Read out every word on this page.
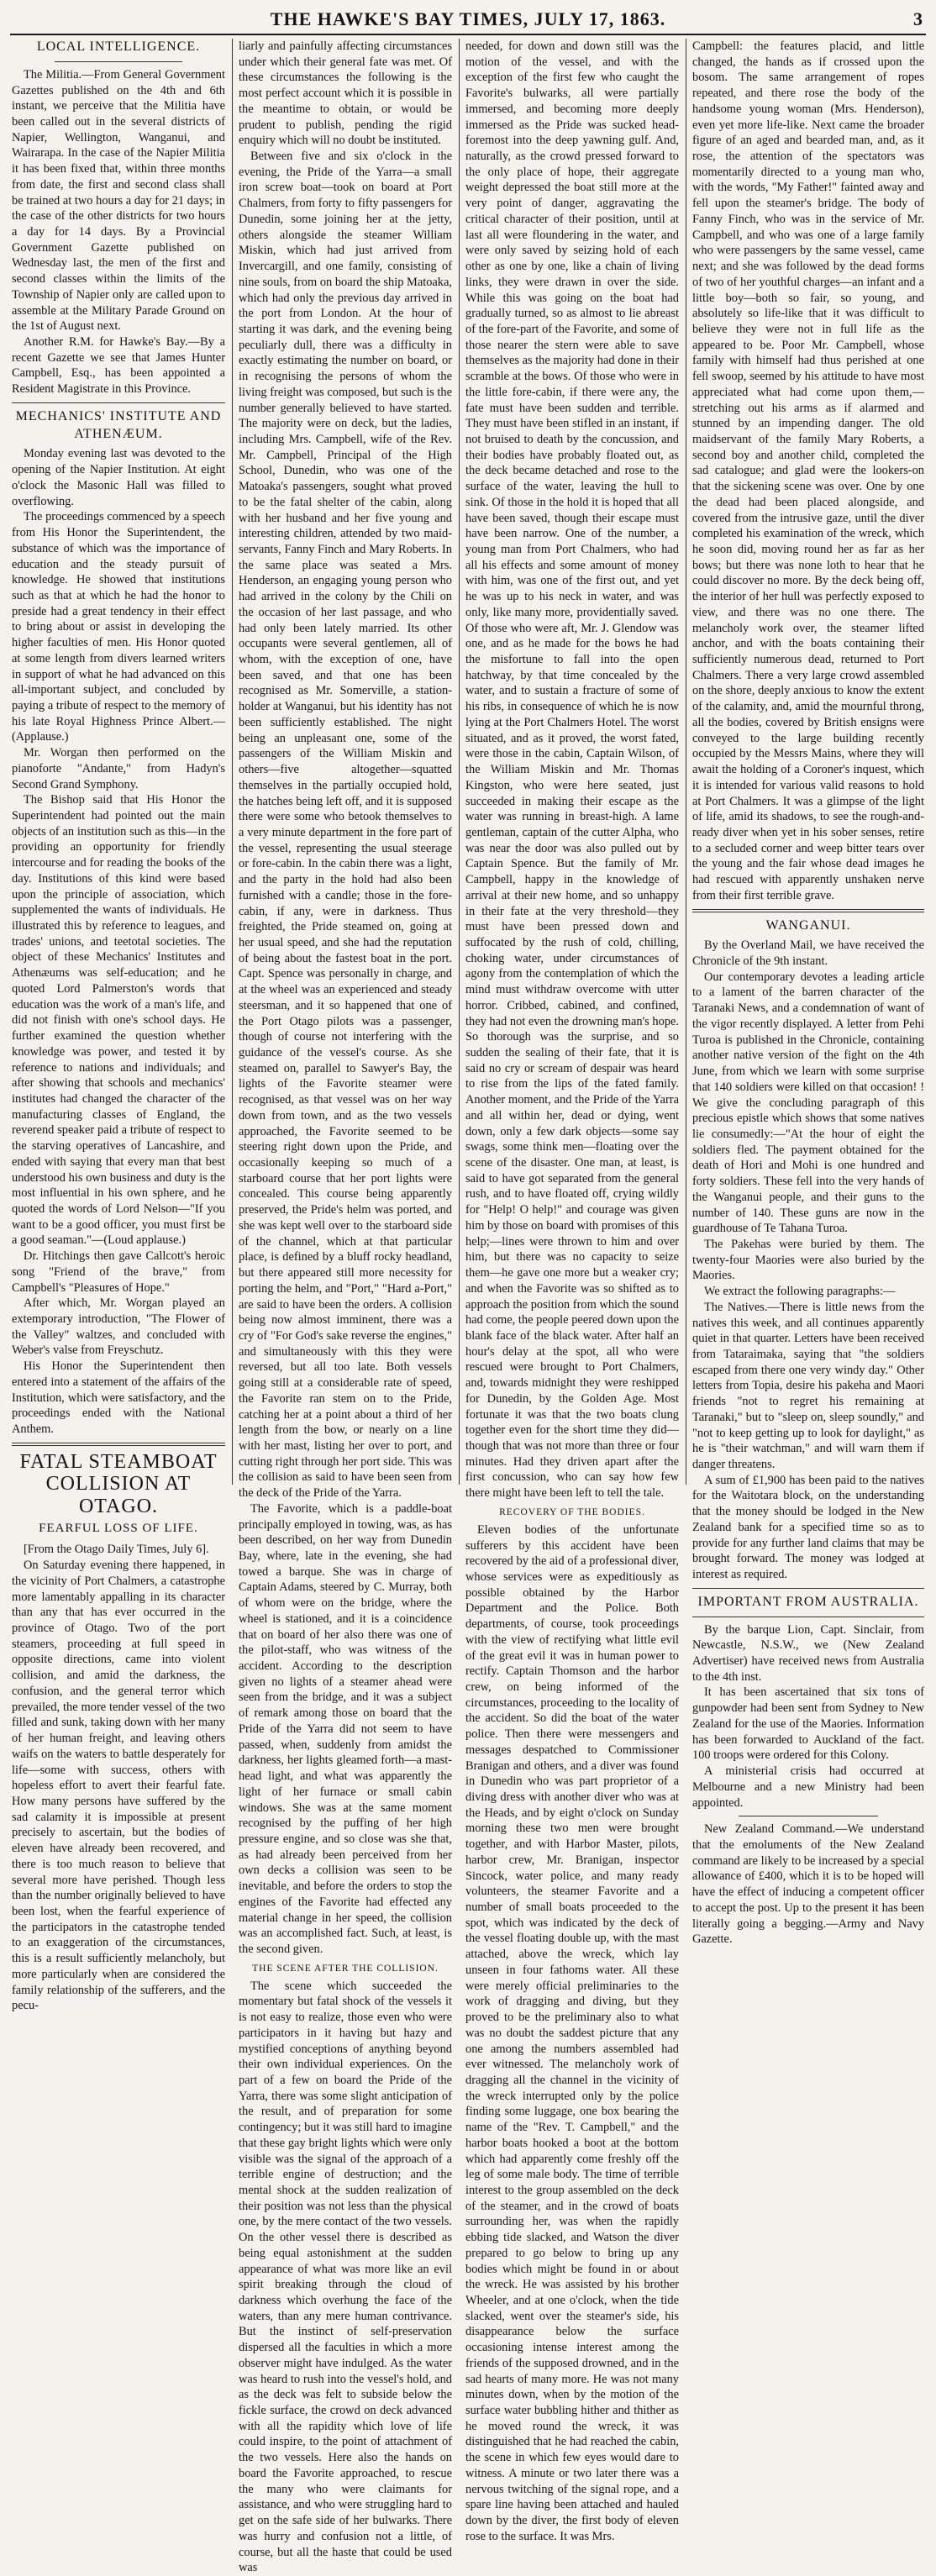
THE HAWKE'S BAY TIMES, JULY 17, 1863.	3
LOCAL INTELLIGENCE.

The Militia.—From General Government Gazettes published on the 4th and 6th instant, we perceive that the Militia have been called out in the several districts of Napier, Wellington, Wanganui, and Wairarapa. In the case of the Napier Militia it has been fixed that, within three months from date, the first and second class shall be trained at two hours a day for 21 days; in the case of the other districts for two hours a day for 14 days. By a Provincial Government Gazette published on Wednesday last, the men of the first and second classes within the limits of the Township of Napier only are called upon to assemble at the Military Parade Ground on the 1st of August next.

Another R.M. for Hawke's Bay.—By a recent Gazette we see that James Hunter Campbell, Esq., has been appointed a Resident Magistrate in this Province.

MECHANICS' INSTITUTE AND ATHENÆUM.

Monday evening last was devoted to the opening of the Napier Institution. At eight o'clock the Masonic Hall was filled to overflowing.

The proceedings commenced by a speech from His Honor the Superintendent, the substance of which was the importance of education and the steady pursuit of knowledge. He showed that institutions such as that at which he had the honor to preside had a great tendency in their effect to bring about or assist in developing the higher faculties of men. His Honor quoted at some length from divers learned writers in support of what he had advanced on this all-important subject, and concluded by paying a tribute of respect to the memory of his late Royal Highness Prince Albert.—(Applause.)

Mr. Worgan then performed on the pianoforte "Andante," from Hadyn's Second Grand Symphony.

The Bishop said that His Honor the Superintendent had pointed out the main objects of an institution such as this—in the providing an opportunity for friendly intercourse and for reading the books of the day. Institutions of this kind were based upon the principle of association, which supplemented the wants of individuals. He illustrated this by reference to leagues, and trades' unions, and teetotal societies. The object of these Mechanics' Institutes and Athenæums was self-education; and he quoted Lord Palmerston's words that education was the work of a man's life, and did not finish with one's school days. He further examined the question whether knowledge was power, and tested it by reference to nations and individuals; and after showing that schools and mechanics' institutes had changed the character of the manufacturing classes of England, the reverend speaker paid a tribute of respect to the starving operatives of Lancashire, and ended with saying that every man that best understood his own business and duty is the most influential in his own sphere, and he quoted the words of Lord Nelson—"If you want to be a good officer, you must first be a good seaman."—(Loud applause.)

Dr. Hitchings then gave Callcott's heroic song "Friend of the brave," from Campbell's "Pleasures of Hope."

After which, Mr. Worgan played an extemporary introduction, "The Flower of the Valley" waltzes, and concluded with Weber's valse from Freyschutz.

His Honor the Superintendent then entered into a statement of the affairs of the Institution, which were satisfactory, and the proceedings ended with the National Anthem.

FATAL STEAMBOAT COLLISION AT OTAGO.
FEARFUL LOSS OF LIFE.

[From the Otago Daily Times, July 6].

On Saturday evening there happened, in the vicinity of Port Chalmers, a catastrophe more lamentably appalling in its character than any that has ever occurred in the province of Otago. Two of the port steamers, proceeding at full speed in opposite directions, came into violent collision, and amid the darkness, the confusion, and the general terror which prevailed, the more tender vessel of the two filled and sunk, taking down with her many of her human freight, and leaving others waifs on the waters to battle desperately for life—some with success, others with hopeless effort to avert their fearful fate. How many persons have suffered by the sad calamity it is impossible at present precisely to ascertain, but the bodies of eleven have already been recovered, and there is too much reason to believe that several more have perished. Though less than the number originally believed to have been lost, when the fearful experience of the participators in the catastrophe tended to an exaggeration of the circumstances, this is a result sufficiently melancholy, but more particularly when are considered the family relationship of the sufferers, and the pecu-

liarly and painfully affecting circumstances under which their general fate was met. Of these circumstances the following is the most perfect account which it is possible in the meantime to obtain, or would be prudent to publish, pending the rigid enquiry which will no doubt be instituted.

Between five and six o'clock in the evening, the Pride of the Yarra—a small iron screw boat—took on board at Port Chalmers, from forty to fifty passengers for Dunedin, some joining her at the jetty, others alongside the steamer William Miskin, which had just arrived from Invercargill, and one family, consisting of nine souls, from on board the ship Matoaka, which had only the previous day arrived in the port from London. At the hour of starting it was dark, and the evening being peculiarly dull, there was a difficulty in exactly estimating the number on board, or in recognising the persons of whom the living freight was composed, but such is the number generally believed to have started. The majority were on deck, but the ladies, including Mrs. Campbell, wife of the Rev. Mr. Campbell, Principal of the High School, Dunedin, who was one of the Matoaka's passengers, sought what proved to be the fatal shelter of the cabin, along with her husband and her five young and interesting children, attended by two maid-servants, Fanny Finch and Mary Roberts. In the same place was seated a Mrs. Henderson, an engaging young person who had arrived in the colony by the Chili on the occasion of her last passage, and who had only been lately married. Its other occupants were several gentlemen, all of whom, with the exception of one, have been saved, and that one has been recognised as Mr. Somerville, a station-holder at Wanganui, but his identity has not been sufficiently established. The night being an unpleasant one, some of the passengers of the William Miskin and others—five altogether—squatted themselves in the partially occupied hold, the hatches being left off, and it is supposed there were some who betook themselves to a very minute department in the fore part of the vessel, representing the usual steerage or fore-cabin. In the cabin there was a light, and the party in the hold had also been furnished with a candle; those in the fore-cabin, if any, were in darkness. Thus freighted, the Pride steamed on, going at her usual speed, and she had the reputation of being about the fastest boat in the port. Capt. Spence was personally in charge, and at the wheel was an experienced and steady steersman, and it so happened that one of the Port Otago pilots was a passenger, though of course not interfering with the guidance of the vessel's course. As she steamed on, parallel to Sawyer's Bay, the lights of the Favorite steamer were recognised, as that vessel was on her way down from town, and as the two vessels approached, the Favorite seemed to be steering right down upon the Pride, and occasionally keeping so much of a starboard course that her port lights were concealed. This course being apparently preserved, the Pride's helm was ported, and she was kept well over to the starboard side of the channel, which at that particular place, is defined by a bluff rocky headland, but there appeared still more necessity for porting the helm, and "Port," "Hard a-Port," are said to have been the orders. A collision being now almost imminent, there was a cry of "For God's sake reverse the engines," and simultaneously with this they were reversed, but all too late. Both vessels going still at a considerable rate of speed, the Favorite ran stem on to the Pride, catching her at a point about a third of her length from the bow, or nearly on a line with her mast, listing her over to port, and cutting right through her port side. This was the collision as said to have been seen from the deck of the Pride of the Yarra.

The Favorite, which is a paddle-boat principally employed in towing, was, as has been described, on her way from Dunedin Bay, where, late in the evening, she had towed a barque. She was in charge of Captain Adams, steered by C. Murray, both of whom were on the bridge, where the wheel is stationed, and it is a coincidence that on board of her also there was one of the pilot-staff, who was witness of the accident. According to the description given no lights of a steamer ahead were seen from the bridge, and it was a subject of remark among those on board that the Pride of the Yarra did not seem to have passed, when, suddenly from amidst the darkness, her lights gleamed forth—a mast-head light, and what was apparently the light of her furnace or small cabin windows. She was at the same moment recognised by the puffing of her high pressure engine, and so close was she that, as had already been perceived from her own decks a collision was seen to be inevitable, and before the orders to stop the engines of the Favorite had effected any material change in her speed, the collision was an accomplished fact. Such, at least, is the second given.

THE SCENE AFTER THE COLLISION.

The scene which succeeded the momentary but fatal shock of the vessels it is not easy to realize, those even who were participators in it having but hazy and mystified conceptions of anything beyond their own individual experiences. On the part of a few on board the Pride of the Yarra, there was some slight anticipation of the result, and of preparation for some contingency; but it was still hard to imagine that these gay bright lights which were only visible was the signal of the approach of a terrible engine of destruction; and the mental shock at the sudden realization of their position was not less than the physical one, by the mere contact of the two vessels. On the other vessel there is described as being equal astonishment at the sudden appearance of what was more like an evil spirit breaking through the cloud of darkness which overhung the face of the waters, than any mere human contrivance. But the instinct of self-preservation dispersed all the faculties in which a more observer might have indulged. As the water was heard to rush into the vessel's hold, and as the deck was felt to subside below the fickle surface, the crowd on deck advanced with all the rapidity which love of life could inspire, to the point of attachment of the two vessels. Here also the hands on board the Favorite approached, to rescue the many who were claimants for assistance, and who were struggling hard to get on the safe side of her bulwarks. There was hurry and confusion not a little, of course, but all the haste that could be used was

needed, for down and down still was the motion of the vessel, and with the exception of the first few who caught the Favorite's bulwarks, all were partially immersed, and becoming more deeply immersed as the Pride was sucked head-foremost into the deep yawning gulf. And, naturally, as the crowd pressed forward to the only place of hope, their aggregate weight depressed the boat still more at the very point of danger, aggravating the critical character of their position, until at last all were floundering in the water, and were only saved by seizing hold of each other as one by one, like a chain of living links, they were drawn in over the side. While this was going on the boat had gradually turned, so as almost to lie abreast of the fore-part of the Favorite, and some of those nearer the stern were able to save themselves as the majority had done in their scramble at the bows. Of those who were in the little fore-cabin, if there were any, the fate must have been sudden and terrible. They must have been stifled in an instant, if not bruised to death by the concussion, and their bodies have probably floated out, as the deck became detached and rose to the surface of the water, leaving the hull to sink. Of those in the hold it is hoped that all have been saved, though their escape must have been narrow. One of the number, a young man from Port Chalmers, who had all his effects and some amount of money with him, was one of the first out, and yet he was up to his neck in water, and was only, like many more, providentially saved. Of those who were aft, Mr. J. Glendow was one, and as he made for the bows he had the misfortune to fall into the open hatchway, by that time concealed by the water, and to sustain a fracture of some of his ribs, in consequence of which he is now lying at the Port Chalmers Hotel. The worst situated, and as it proved, the worst fated, were those in the cabin, Captain Wilson, of the William Miskin and Mr. Thomas Kingston, who were here seated, just succeeded in making their escape as the water was running in breast-high. A lame gentleman, captain of the cutter Alpha, who was near the door was also pulled out by Captain Spence. But the family of Mr. Campbell, happy in the knowledge of arrival at their new home, and so unhappy in their fate at the very threshold—they must have been pressed down and suffocated by the rush of cold, chilling, choking water, under circumstances of agony from the contemplation of which the mind must withdraw overcome with utter horror. Cribbed, cabined, and confined, they had not even the drowning man's hope. So thorough was the surprise, and so sudden the sealing of their fate, that it is said no cry or scream of despair was heard to rise from the lips of the fated family. Another moment, and the Pride of the Yarra and all within her, dead or dying, went down, only a few dark objects—some say swags, some think men—floating over the scene of the disaster. One man, at least, is said to have got separated from the general rush, and to have floated off, crying wildly for "Help! O help!" and courage was given him by those on board with promises of this help;—lines were thrown to him and over him, but there was no capacity to seize them—he gave one more but a weaker cry; and when the Favorite was so shifted as to approach the position from which the sound had come, the people peered down upon the blank face of the black water. After half an hour's delay at the spot, all who were rescued were brought to Port Chalmers, and, towards midnight they were reshipped for Dunedin, by the Golden Age. Most fortunate it was that the two boats clung together even for the short time they did—though that was not more than three or four minutes. Had they driven apart after the first concussion, who can say how few there might have been left to tell the tale.

RECOVERY OF THE BODIES.

Eleven bodies of the unfortunate sufferers by this accident have been recovered by the aid of a professional diver, whose services were as expeditiously as possible obtained by the Harbor Department and the Police. Both departments, of course, took proceedings with the view of rectifying what little evil of the great evil it was in human power to rectify. Captain Thomson and the harbor crew, on being informed of the circumstances, proceeding to the locality of the accident. So did the boat of the water police. Then there were messengers and messages despatched to Commissioner Branigan and others, and a diver was found in Dunedin who was part proprietor of a diving dress with another diver who was at the Heads, and by eight o'clock on Sunday morning these two men were brought together, and with Harbor Master, pilots, harbor crew, Mr. Branigan, inspector Sincock, water police, and many ready volunteers, the steamer Favorite and a number of small boats proceeded to the spot, which was indicated by the deck of the vessel floating double up, with the mast attached, above the wreck, which lay unseen in four fathoms water. All these were merely official preliminaries to the work of dragging and diving, but they proved to be the preliminary also to what was no doubt the saddest picture that any one among the numbers assembled had ever witnessed. The melancholy work of dragging all the channel in the vicinity of the wreck interrupted only by the police finding some luggage, one box bearing the name of the "Rev. T. Campbell," and the harbor boats hooked a boot at the bottom which had apparently come freshly off the leg of some male body. The time of terrible interest to the group assembled on the deck of the steamer, and in the crowd of boats surrounding her, was when the rapidly ebbing tide slacked, and Watson the diver prepared to go below to bring up any bodies which might be found in or about the wreck. He was assisted by his brother Wheeler, and at one o'clock, when the tide slacked, went over the steamer's side, his disappearance below the surface occasioning intense interest among the friends of the supposed drowned, and in the sad hearts of many more. He was not many minutes down, when by the motion of the surface water bubbling hither and thither as he moved round the wreck, it was distinguished that he had reached the cabin, the scene in which few eyes would dare to witness. A minute or two later there was a nervous twitching of the signal rope, and a spare line having been attached and hauled down by the diver, the first body of eleven rose to the surface. It was Mrs.

Campbell: the features placid, and little changed, the hands as if crossed upon the bosom. The same arrangement of ropes repeated, and there rose the body of the handsome young woman (Mrs. Henderson), even yet more life-like. Next came the broader figure of an aged and bearded man, and, as it rose, the attention of the spectators was momentarily directed to a young man who, with the words, "My Father!" fainted away and fell upon the steamer's bridge. The body of Fanny Finch, who was in the service of Mr. Campbell, and who was one of a large family who were passengers by the same vessel, came next; and she was followed by the dead forms of two of her youthful charges—an infant and a little boy—both so fair, so young, and absolutely so life-like that it was difficult to believe they were not in full life as the appeared to be. Poor Mr. Campbell, whose family with himself had thus perished at one fell swoop, seemed by his attitude to have most appreciated what had come upon them,—stretching out his arms as if alarmed and stunned by an impending danger. The old maidservant of the family Mary Roberts, a second boy and another child, completed the sad catalogue; and glad were the lookers-on that the sickening scene was over. One by one the dead had been placed alongside, and covered from the intrusive gaze, until the diver completed his examination of the wreck, which he soon did, moving round her as far as her bows; but there was none loth to hear that he could discover no more. By the deck being off, the interior of her hull was perfectly exposed to view, and there was no one there. The melancholy work over, the steamer lifted anchor, and with the boats containing their sufficiently numerous dead, returned to Port Chalmers. There a very large crowd assembled on the shore, deeply anxious to know the extent of the calamity, and, amid the mournful throng, all the bodies, covered by British ensigns were conveyed to the large building recently occupied by the Messrs Mains, where they will await the holding of a Coroner's inquest, which it is intended for various valid reasons to hold at Port Chalmers. It was a glimpse of the light of life, amid its shadows, to see the rough-and-ready diver when yet in his sober senses, retire to a secluded corner and weep bitter tears over the young and the fair whose dead images he had rescued with apparently unshaken nerve from their first terrible grave.

WANGANUI.

By the Overland Mail, we have received the Chronicle of the 9th instant.

Our contemporary devotes a leading article to a lament of the barren character of the Taranaki News, and a condemnation of want of the vigor recently displayed. A letter from Pehi Turoa is published in the Chronicle, containing another native version of the fight on the 4th June, from which we learn with some surprise that 140 soldiers were killed on that occasion! ! We give the concluding paragraph of this precious epistle which shows that some natives lie consumedly:—"At the hour of eight the soldiers fled. The payment obtained for the death of Hori and Mohi is one hundred and forty soldiers. These fell into the very hands of the Wanganui people, and their guns to the number of 140. These guns are now in the guardhouse of Te Tahana Turoa.

The Pakehas were buried by them. The twenty-four Maories were also buried by the Maories.

We extract the following paragraphs:—

The Natives.—There is little news from the natives this week, and all continues apparently quiet in that quarter. Letters have been received from Tataraimaka, saying that "the soldiers escaped from there one very windy day." Other letters from Topia, desire his pakeha and Maori friends "not to regret his remaining at Taranaki," but to "sleep on, sleep soundly," and "not to keep getting up to look for daylight," as he is "their watchman," and will warn them if danger threatens.

A sum of £1,900 has been paid to the natives for the Waitotara block, on the understanding that the money should be lodged in the New Zealand bank for a specified time so as to provide for any further land claims that may be brought forward. The money was lodged at interest as required.

IMPORTANT FROM AUSTRALIA.

By the barque Lion, Capt. Sinclair, from Newcastle, N.S.W., we (New Zealand Advertiser) have received news from Australia to the 4th inst.

It has been ascertained that six tons of gunpowder had been sent from Sydney to New Zealand for the use of the Maories. Information has been forwarded to Auckland of the fact. 100 troops were ordered for this Colony.

A ministerial crisis had occurred at Melbourne and a new Ministry had been appointed.

New Zealand Command.—We understand that the emoluments of the New Zealand command are likely to be increased by a special allowance of £400, which it is to be hoped will have the effect of inducing a competent officer to accept the post. Up to the present it has been literally going a begging.—Army and Navy Gazette.
